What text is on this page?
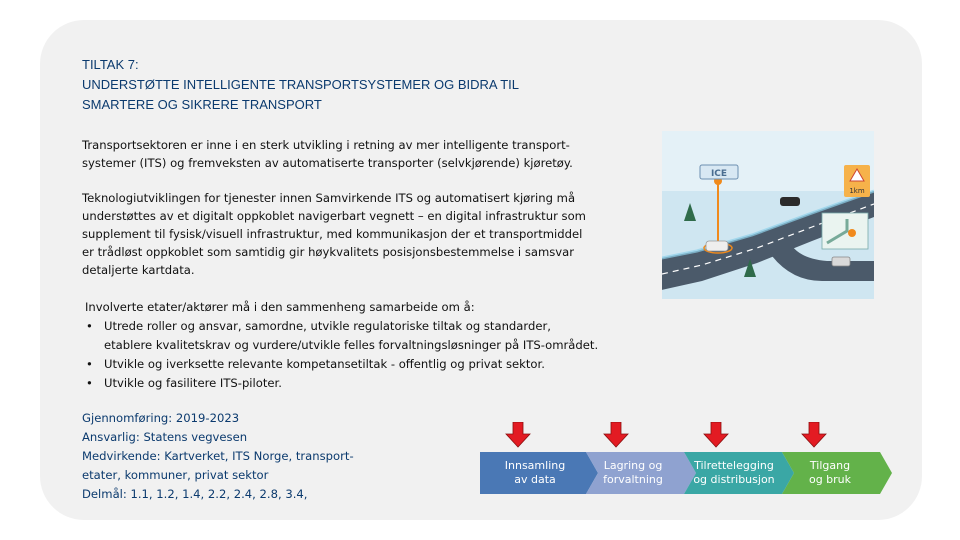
TILTAK 7:
UNDERSTØTTE INTELLIGENTE TRANSPORTSYSTEMER OG BIDRA TIL
SMARTERE OG SIKRERE TRANSPORT
Transportsektoren er inne i en sterk utvikling i retning av mer intelligente transport-
systemer (ITS) og fremveksten av automatiserte transporter (selvkjørende) kjøretøy.
Teknologiutviklingen for tjenester innen Samvirkende ITS og automatisert kjøring må
understøttes av et digitalt oppkoblet navigerbart vegnett – en digital infrastruktur som
supplement til fysisk/visuell infrastruktur, med kommunikasjon der et transportmiddel
er trådløst oppkoblet som samtidig gir høykvalitets posisjonsbestemmelse i samsvar
detaljerte kartdata.
Involverte etater/aktører må i den sammenheng samarbeide om å:
• Utrede roller og ansvar, samordne, utvikle regulatoriske tiltak og standarder,
etablere kvalitetskrav og vurdere/utvikle felles forvaltningsløsninger på ITS-området.
• Utvikle og iverksette relevante kompetansetiltak - offentlig og privat sektor.
• Utvikle og fasilitere ITS-piloter.
Gjennomføring: 2019-2023
Ansvarlig: Statens vegvesen
Medvirkende: Kartverket, ITS Norge, transport-
etater, kommuner, privat sektor
Delmål: 1.1, 1.2, 1.4, 2.2, 2.4, 2.8, 3.4,
ICE
1km
Innsamling
av data
Lagring og
forvaltning
Tilrettelegging
og distribusjon
Tilgang
og bruk
